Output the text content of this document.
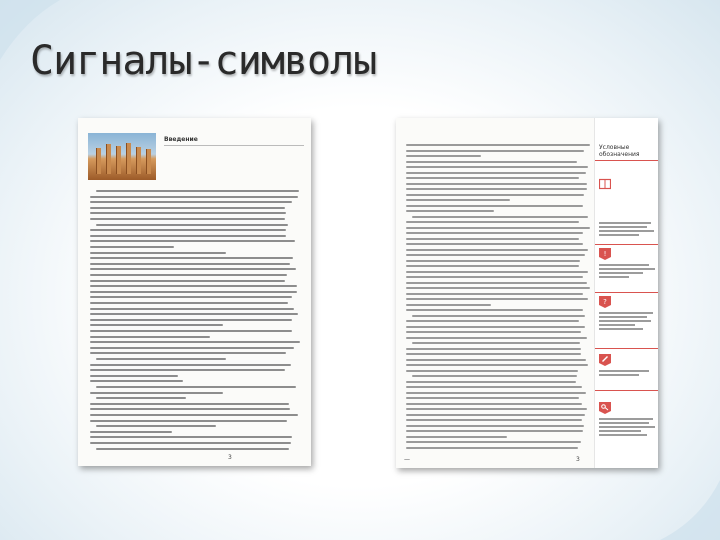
Сигналы-символы
Введение
3	3
—
Условные
обозначения
!
?
